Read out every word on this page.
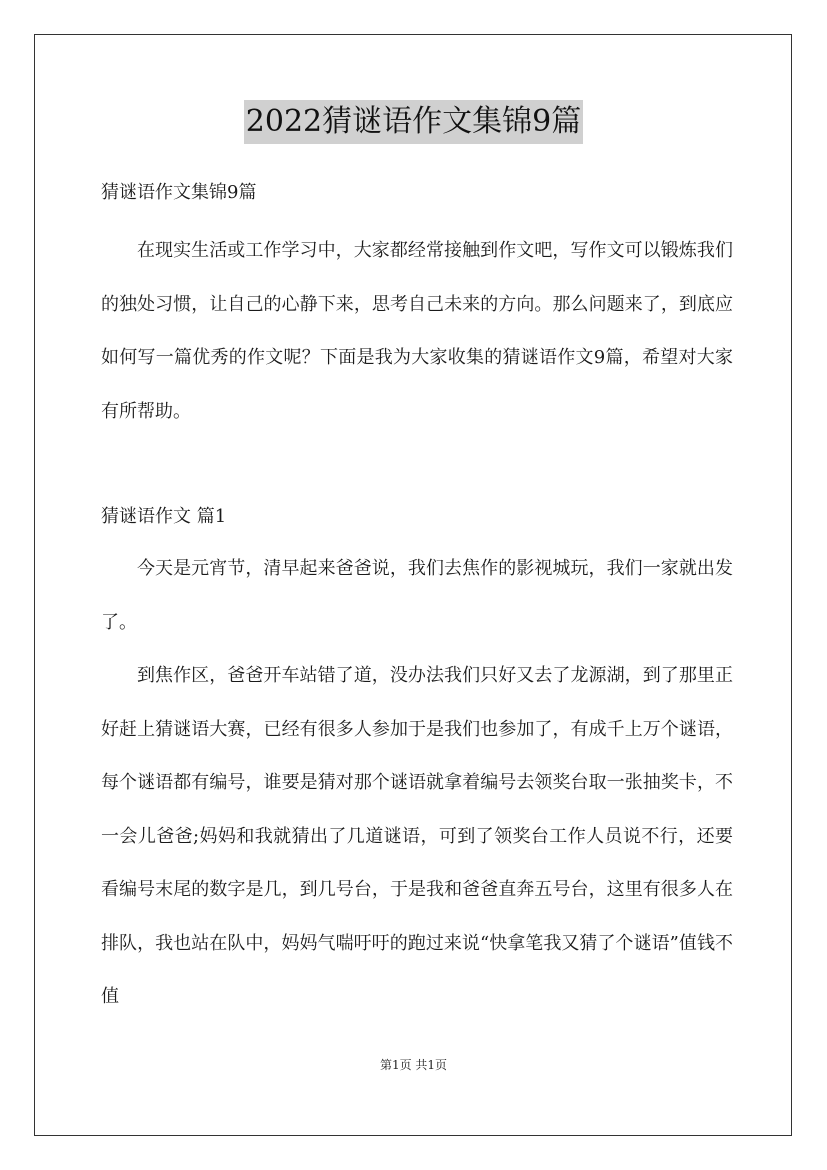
2022猜谜语作文集锦9篇
猜谜语作文集锦9篇

在现实生活或工作学习中，大家都经常接触到作文吧，写作文可以锻炼我们的独处习惯，让自己的心静下来，思考自己未来的方向。那么问题来了，到底应如何写一篇优秀的作文呢？下面是我为大家收集的猜谜语作文9篇，希望对大家有所帮助。

猜谜语作文 篇1

今天是元宵节，清早起来爸爸说，我们去焦作的影视城玩，我们一家就出发了。

到焦作区，爸爸开车站错了道，没办法我们只好又去了龙源湖，到了那里正好赶上猜谜语大赛，已经有很多人参加于是我们也参加了，有成千上万个谜语，每个谜语都有编号，谁要是猜对那个谜语就拿着编号去领奖台取一张抽奖卡，不一会儿爸爸;妈妈和我就猜出了几道谜语，可到了领奖台工作人员说不行，还要看编号末尾的数字是几，到几号台，于是我和爸爸直奔五号台，这里有很多人在排队，我也站在队中，妈妈气喘吁吁的跑过来说“快拿笔我又猜了个谜语”值钱不值

第1页 共1页
